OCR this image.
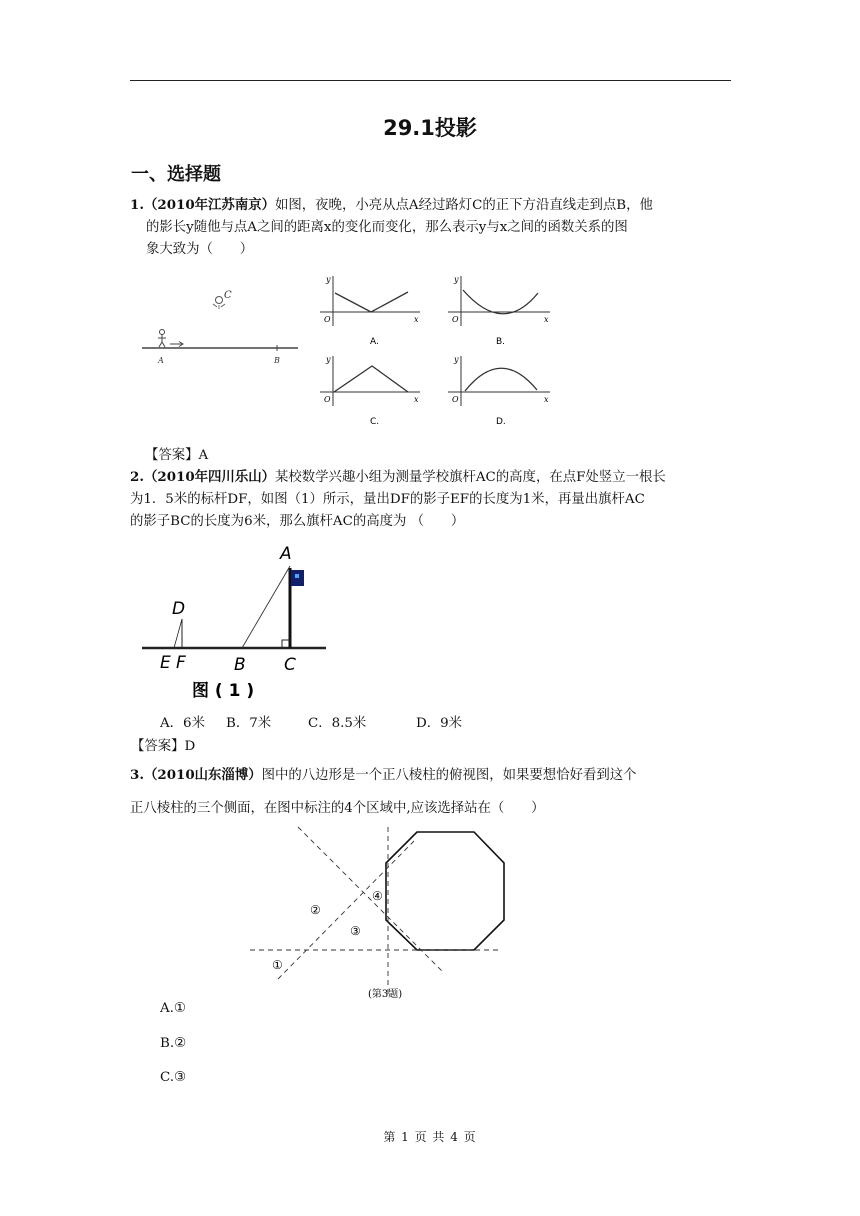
29.1投影
一、选择题
1.（2010年江苏南京）如图，夜晚，小亮从点A经过路灯C的正下方沿直线走到点B，他
的影长y随他与点A之间的距离x的变化而变化，那么表示y与x之间的函数关系的图
象大致为（　　）
C
A	B
y
x
O
A.
y
x
O
B.
y
x
O
C.
y
x
O
D.
【答案】A
2.（2010年四川乐山）某校数学兴趣小组为测量学校旗杆AC的高度，在点F处竖立一根长
为1．5米的标杆DF，如图（1）所示，量出DF的影子EF的长度为1米，再量出旗杆AC
的影子BC的长度为6米，那么旗杆AC的高度为 （　　）
A
D
E F	B C
图 ( 1 )
A．6米 B．7米	C．8.5米	D．9米
【答案】D
3.（2010山东淄博）图中的八边形是一个正八棱柱的俯视图，如果要想恰好看到这个
正八棱柱的三个侧面，在图中标注的4个区域中,应该选择站在（　　）
④
②
③
①
(第3题)
A.①
B.②
C.③
第 1 页 共 4 页
